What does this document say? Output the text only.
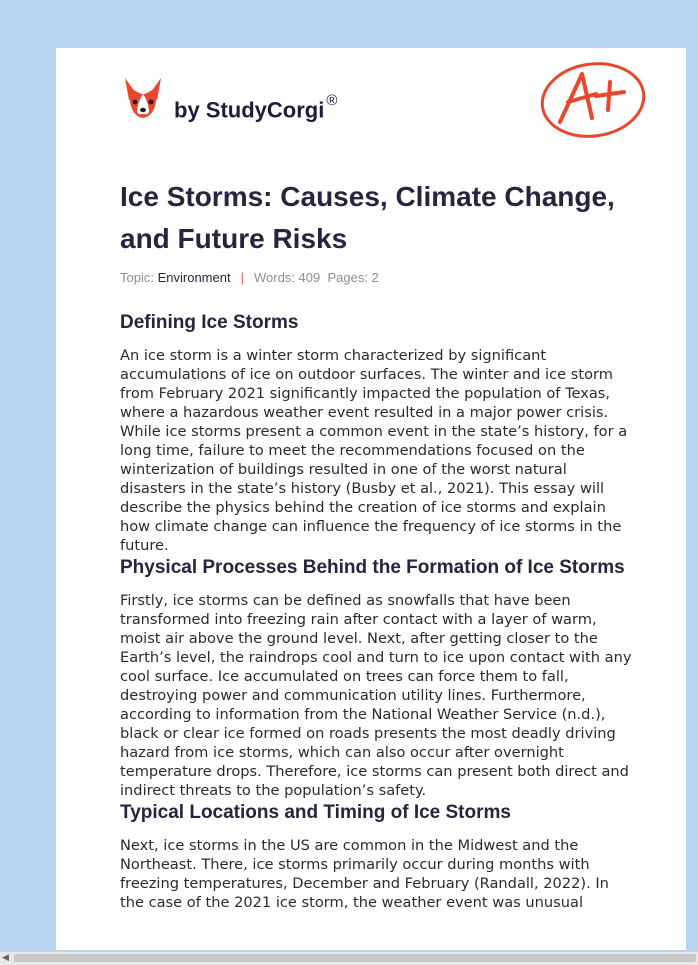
by StudyCorgi ®
Ice Storms: Causes, Climate Change, and Future Risks
Topic: Environment | Words: 409 Pages: 2
Defining Ice Storms

An ice storm is a winter storm characterized by significant accumulations of ice on outdoor surfaces. The winter and ice storm from February 2021 significantly impacted the population of Texas, where a hazardous weather event resulted in a major power crisis. While ice storms present a common event in the state’s history, for a long time, failure to meet the recommendations focused on the winterization of buildings resulted in one of the worst natural disasters in the state’s history (Busby et al., 2021). This essay will describe the physics behind the creation of ice storms and explain how climate change can influence the frequency of ice storms in the future.

Physical Processes Behind the Formation of Ice Storms

Firstly, ice storms can be defined as snowfalls that have been transformed into freezing rain after contact with a layer of warm, moist air above the ground level. Next, after getting closer to the Earth’s level, the raindrops cool and turn to ice upon contact with any cool surface. Ice accumulated on trees can force them to fall, destroying power and communication utility lines. Furthermore, according to information from the National Weather Service (n.d.), black or clear ice formed on roads presents the most deadly driving hazard from ice storms, which can also occur after overnight temperature drops. Therefore, ice storms can present both direct and indirect threats to the population’s safety.

Typical Locations and Timing of Ice Storms

Next, ice storms in the US are common in the Midwest and the Northeast. There, ice storms primarily occur during months with freezing temperatures, December and February (Randall, 2022). In the case of the 2021 ice storm, the weather event was unusual

◀
